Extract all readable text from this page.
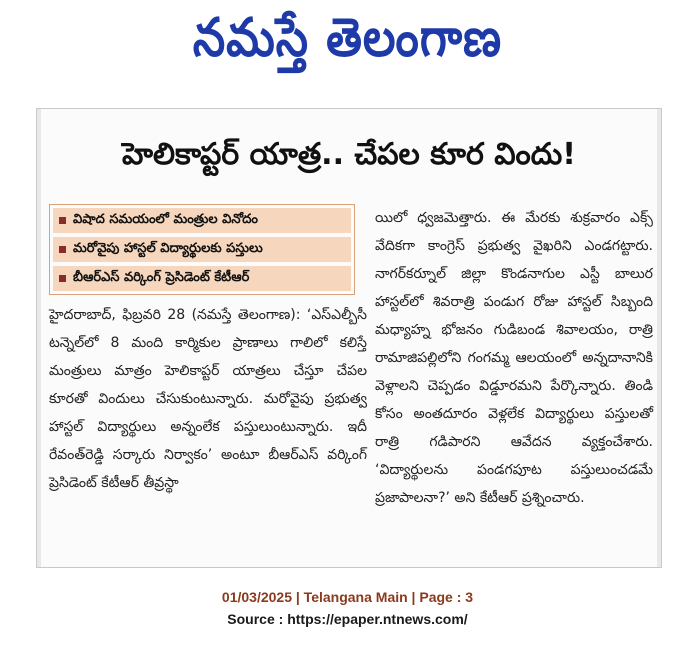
నమస్తే తెలంగాణ
హెలికాప్టర్ యాత్ర.. చేపల కూర విందు!
విషాద సమయంలో మంత్రుల వినోదం
మరోవైపు హాస్టల్ విద్యార్థులకు పస్తులు
బీఆర్ఎస్ వర్కింగ్ ప్రెసిడెంట్ కేటీఆర్

హైదరాబాద్, ఫిబ్రవరి 28 (నమస్తే తెలంగాణ): ‘ఎస్ఎల్బీసీ టన్నెల్‌లో 8 మంది కార్మికుల ప్రాణాలు గాలిలో కలిస్తే మంత్రులు మాత్రం హెలికాప్టర్ యాత్రలు చేస్తూ చేపల కూరతో విందులు చేసుకుంటున్నారు. మరోవైపు ప్రభుత్వ హాస్టల్ విద్యార్థులు అన్నంలేక పస్తులుంటున్నారు. ఇదీ రేవంత్‌రెడ్డి సర్కారు నిర్వాకం’ అంటూ బీఆర్ఎస్ వర్కింగ్ ప్రెసిడెంట్ కేటీఆర్ తీవ్రస్థా

యిలో ధ్వజమెత్తారు. ఈ మేరకు శుక్రవారం ఎక్స్ వేదికగా కాంగ్రెస్ ప్రభుత్వ వైఖరిని ఎండగట్టారు. నాగర్‌కర్నూల్ జిల్లా కొండనాగుల ఎస్టీ బాలుర హాస్టల్‌లో శివరాత్రి పండుగ రోజు హాస్టల్ సిబ్బంది మధ్యాహ్న భోజనం గుడిబండ శివాలయం, రాత్రి రామాజిపల్లిలోని గంగమ్మ ఆలయంలో అన్నదానానికి వెళ్లాలని చెప్పడం విడ్డూరమని పేర్కొన్నారు. తిండి కోసం అంతదూరం వెళ్లలేక విద్యార్థులు పస్తులతో రాత్రి గడిపారని ఆవేదన వ్యక్తంచేశారు. ‘విద్యార్థులను పండగపూట పస్తులుంచడమే ప్రజాపాలనా?’ అని కేటీఆర్ ప్రశ్నించారు.

01/03/2025 | Telangana Main | Page : 3
Source : https://epaper.ntnews.com/
